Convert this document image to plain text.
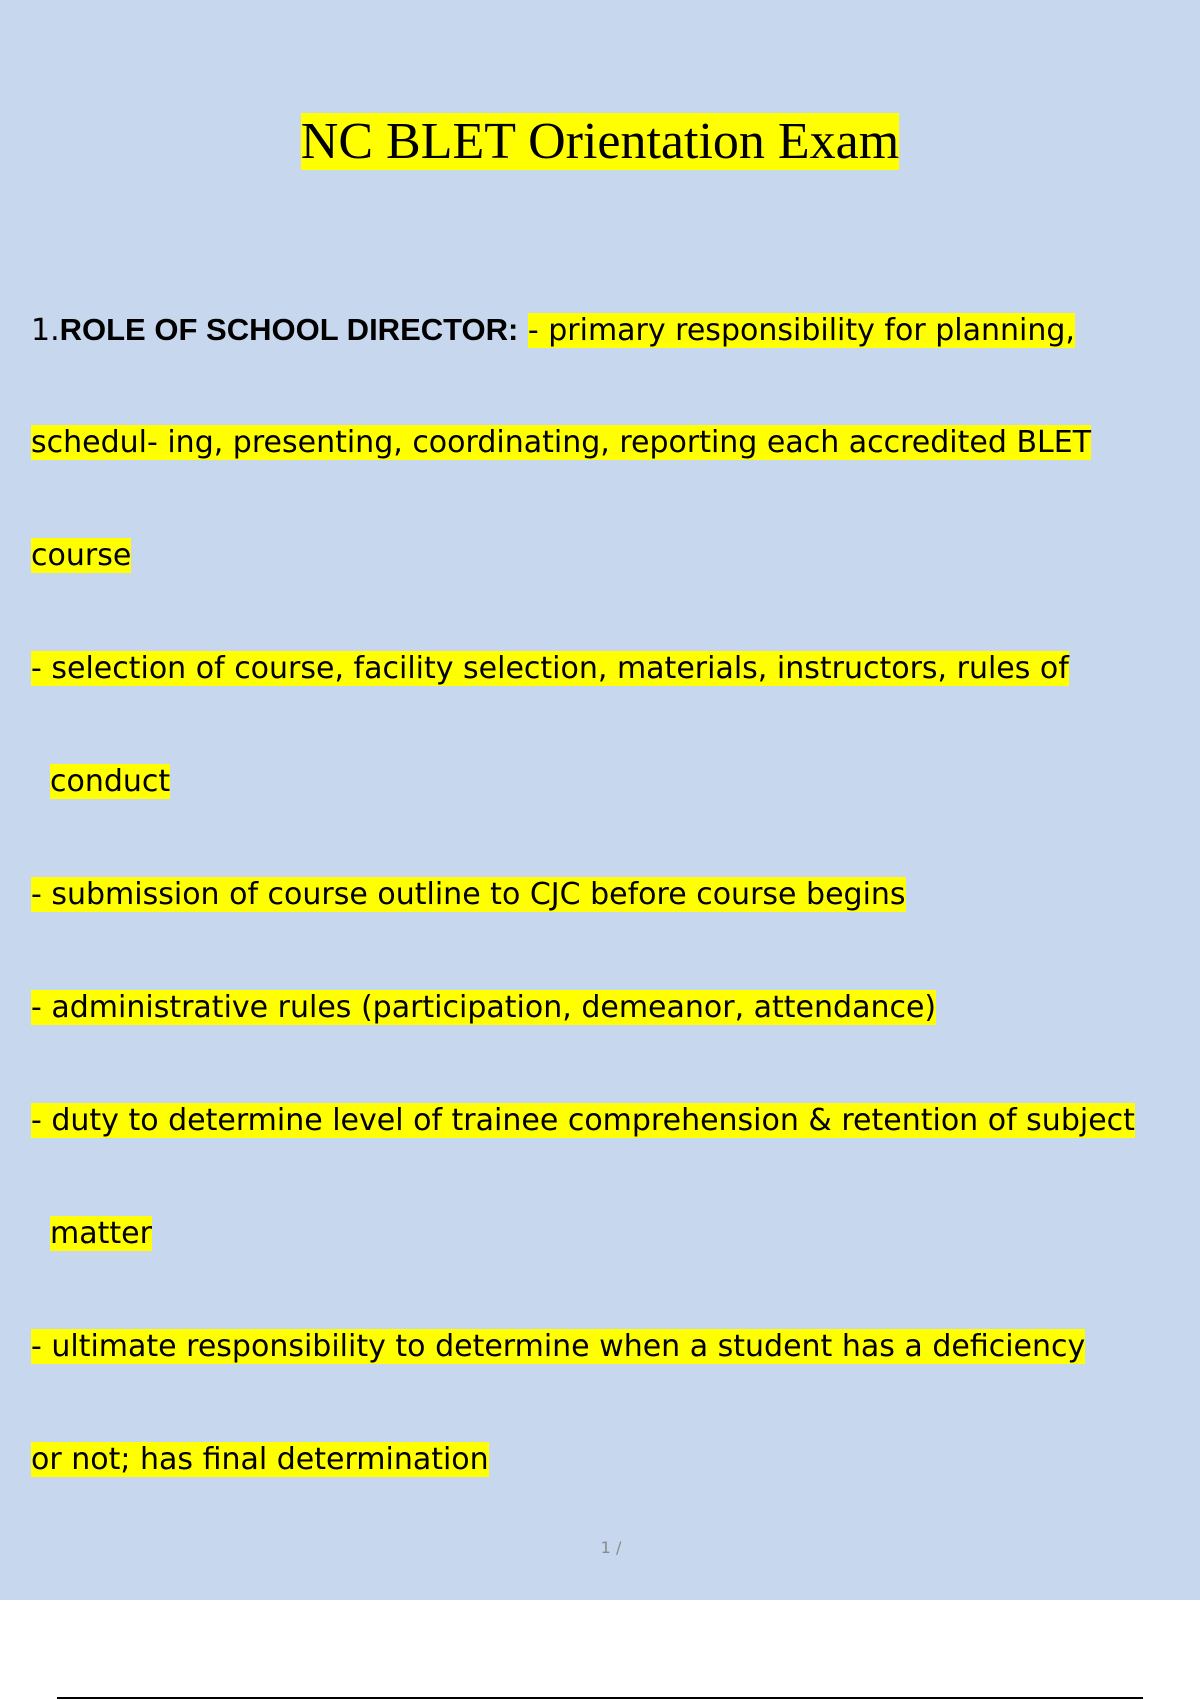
NC BLET Orientation Exam
1.ROLE OF SCHOOL DIRECTOR: - primary responsibility for planning,
schedul- ing, presenting, coordinating, reporting each accredited BLET
course
- selection of course, facility selection, materials, instructors, rules of
conduct
- submission of course outline to CJC before course begins
- administrative rules (participation, demeanor, attendance)
- duty to determine level of trainee comprehension & retention of subject
matter
- ultimate responsibility to determine when a student has a deficiency
or not; has final determination
1 /
